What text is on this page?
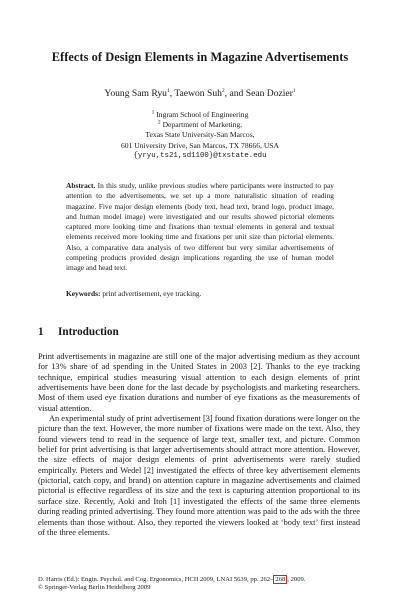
Effects of Design Elements in Magazine Advertisements
Young Sam Ryu$^1$, Taewon Suh$^2$, and Sean Dozier$^1$
$^1$ Ingram School of Engineering
$^2$ Department of Marketing,
Texas State University-San Marcos,
601 University Drive, San Marcos, TX 78666, USA
{yryu,ts21,sd1100}@txstate.edu

Abstract. In this study, unlike previous studies where participants were instructed to pay attention to the advertisements, we set up a more naturalistic situation of reading magazine. Five major design elements (body text, head text, brand logo, product image, and human model image) were investigated and our results showed pictorial elements captured more looking time and fixations than textual elements in general and textual elements received more looking time and fixations per unit size than pictorial elements. Also, a comparative data analysis of two different but very similar advertisements of competing products provided design implications regarding the use of human model image and head text.

Keywords: print advertisement, eye tracking.

1 Introduction

Print advertisements in magazine are still one of the major advertising medium as they account for 13% share of ad spending in the United States in 2003 [2]. Thanks to the eye tracking technique, empirical studies measuring visual attention to each design elements of print advertisements have been done for the last decade by psychologists and marketing researchers. Most of them used eye fixation durations and number of eye fixations as the measurements of visual attention.

An experimental study of print advertisement [3] found fixation durations were longer on the picture than the text. However, the more number of fixations were made on the text. Also, they found viewers tend to read in the sequence of large text, smaller text, and picture. Common belief for print advertising is that larger advertisements should attract more attention. However, the size effects of major design elements of print advertisements were rarely studied empirically. Pieters and Wedel [2] investigated the effects of three key advertisement elements (pictorial, catch copy, and brand) on attention capture in magazine advertisements and claimed pictorial is effective regardless of its size and the text is capturing attention proportional to its surface size. Recently, Aoki and Itoh [1] investigated the effects of the same three elements during reading printed advertising. They found more attention was paid to the ads with the three elements than those without. Also, they reported the viewers looked at ‘body text’ first instead of the three elements.

D. Harris (Ed.): Engin. Psychol. and Cog. Ergonomics, HCII 2009, LNAI 5639, pp. 262– 268 , 2009.
© Springer-Verlag Berlin Heidelberg 2009
